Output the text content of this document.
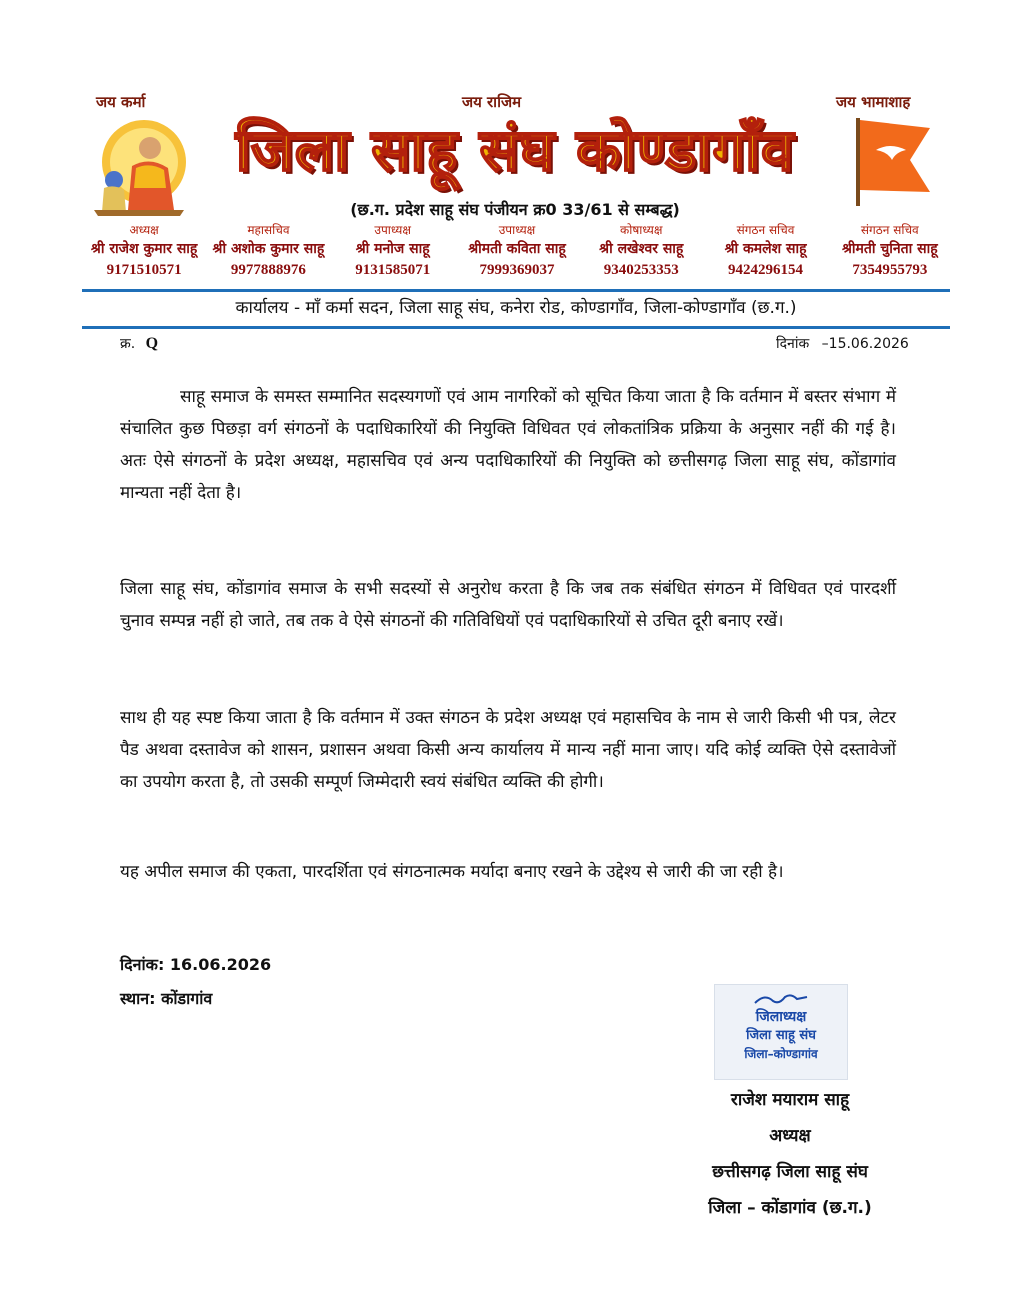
जय कर्मा	जय राजिम	जय भामाशाह
जिला साहू संघ कोण्डागाँव
(छ.ग. प्रदेश साहू संघ पंजीयन क्र0 33/61 से सम्बद्ध)
अध्यक्ष
श्री राजेश कुमार साहू
9171510571
महासचिव
श्री अशोक कुमार साहू
9977888976
उपाध्यक्ष
श्री मनोज साहू
9131585071
उपाध्यक्ष
श्रीमती कविता साहू
7999369037
कोषाध्यक्ष
श्री लखेश्वर साहू
9340253353
संगठन सचिव
श्री कमलेश साहू
9424296154
संगठन सचिव
श्रीमती चुनिता साहू
7354955793
कार्यालय - माँ कर्मा सदन, जिला साहू संघ, कनेरा रोड, कोण्डागाँव, जिला-कोण्डागाँव (छ.ग.)
क्र. Q	दिनांक –15.06.2026
साहू समाज के समस्त सम्मानित सदस्यगणों एवं आम नागरिकों को सूचित किया जाता है कि वर्तमान में बस्तर संभाग में संचालित कुछ पिछड़ा वर्ग संगठनों के पदाधिकारियों की नियुक्ति विधिवत एवं लोकतांत्रिक प्रक्रिया के अनुसार नहीं की गई है। अतः ऐसे संगठनों के प्रदेश अध्यक्ष, महासचिव एवं अन्य पदाधिकारियों की नियुक्ति को छत्तीसगढ़ जिला साहू संघ, कोंडागांव मान्यता नहीं देता है।
जिला साहू संघ, कोंडागांव समाज के सभी सदस्यों से अनुरोध करता है कि जब तक संबंधित संगठन में विधिवत एवं पारदर्शी चुनाव सम्पन्न नहीं हो जाते, तब तक वे ऐसे संगठनों की गतिविधियों एवं पदाधिकारियों से उचित दूरी बनाए रखें।
साथ ही यह स्पष्ट किया जाता है कि वर्तमान में उक्त संगठन के प्रदेश अध्यक्ष एवं महासचिव के नाम से जारी किसी भी पत्र, लेटर पैड अथवा दस्तावेज को शासन, प्रशासन अथवा किसी अन्य कार्यालय में मान्य नहीं माना जाए। यदि कोई व्यक्ति ऐसे दस्तावेजों का उपयोग करता है, तो उसकी सम्पूर्ण जिम्मेदारी स्वयं संबंधित व्यक्ति की होगी।
यह अपील समाज की एकता, पारदर्शिता एवं संगठनात्मक मर्यादा बनाए रखने के उद्देश्य से जारी की जा रही है।
दिनांक: 16.06.2026
स्थान: कोंडागांव
जिलाध्यक्ष
जिला साहू संघ
जिला–कोण्डागांव
राजेश मयाराम साहू
अध्यक्ष
छत्तीसगढ़ जिला साहू संघ
जिला – कोंडागांव (छ.ग.)
